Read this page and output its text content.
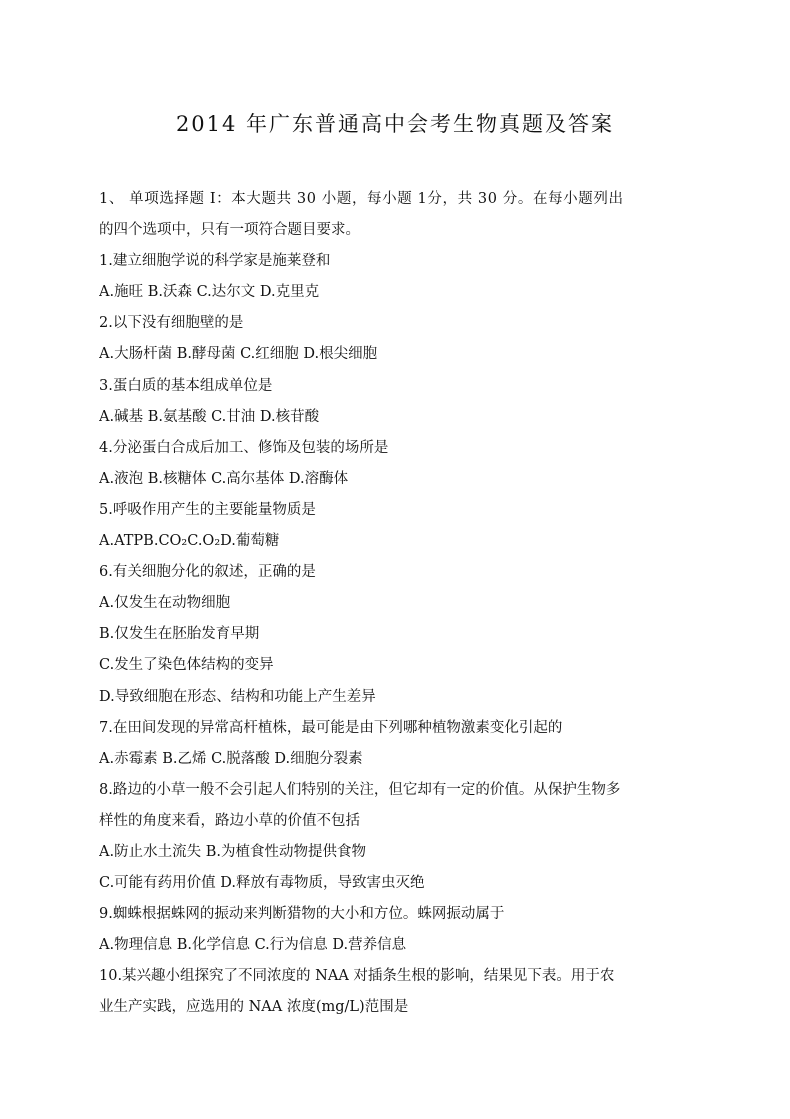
2014 年广东普通高中会考生物真题及答案
1、 单项选择题 Ⅰ：本大题共 30 小题，每小题 1分，共 30 分。在每小题列出
的四个选项中，只有一项符合题目要求。
1.建立细胞学说的科学家是施莱登和
A.施旺 B.沃森 C.达尔文 D.克里克
2.以下没有细胞壁的是
A.大肠杆菌 B.酵母菌 C.红细胞 D.根尖细胞
3.蛋白质的基本组成单位是
A.碱基 B.氨基酸 C.甘油 D.核苷酸
4.分泌蛋白合成后加工、修饰及包装的场所是
A.液泡 B.核糖体 C.高尔基体 D.溶酶体
5.呼吸作用产生的主要能量物质是
A.ATPB.CO₂C.O₂D.葡萄糖
6.有关细胞分化的叙述，正确的是
A.仅发生在动物细胞
B.仅发生在胚胎发育早期
C.发生了染色体结构的变异
D.导致细胞在形态、结构和功能上产生差异
7.在田间发现的异常高杆植株，最可能是由下列哪种植物激素变化引起的
A.赤霉素 B.乙烯 C.脱落酸 D.细胞分裂素
8.路边的小草一般不会引起人们特别的关注，但它却有一定的价值。从保护生物多
样性的角度来看，路边小草的价值不包括
A.防止水土流失 B.为植食性动物提供食物
C.可能有药用价值 D.释放有毒物质，导致害虫灭绝
9.蜘蛛根据蛛网的振动来判断猎物的大小和方位。蛛网振动属于
A.物理信息 B.化学信息 C.行为信息 D.营养信息
10.某兴趣小组探究了不同浓度的 NAA 对插条生根的影响，结果见下表。用于农
业生产实践，应选用的 NAA 浓度(mg/L)范围是
